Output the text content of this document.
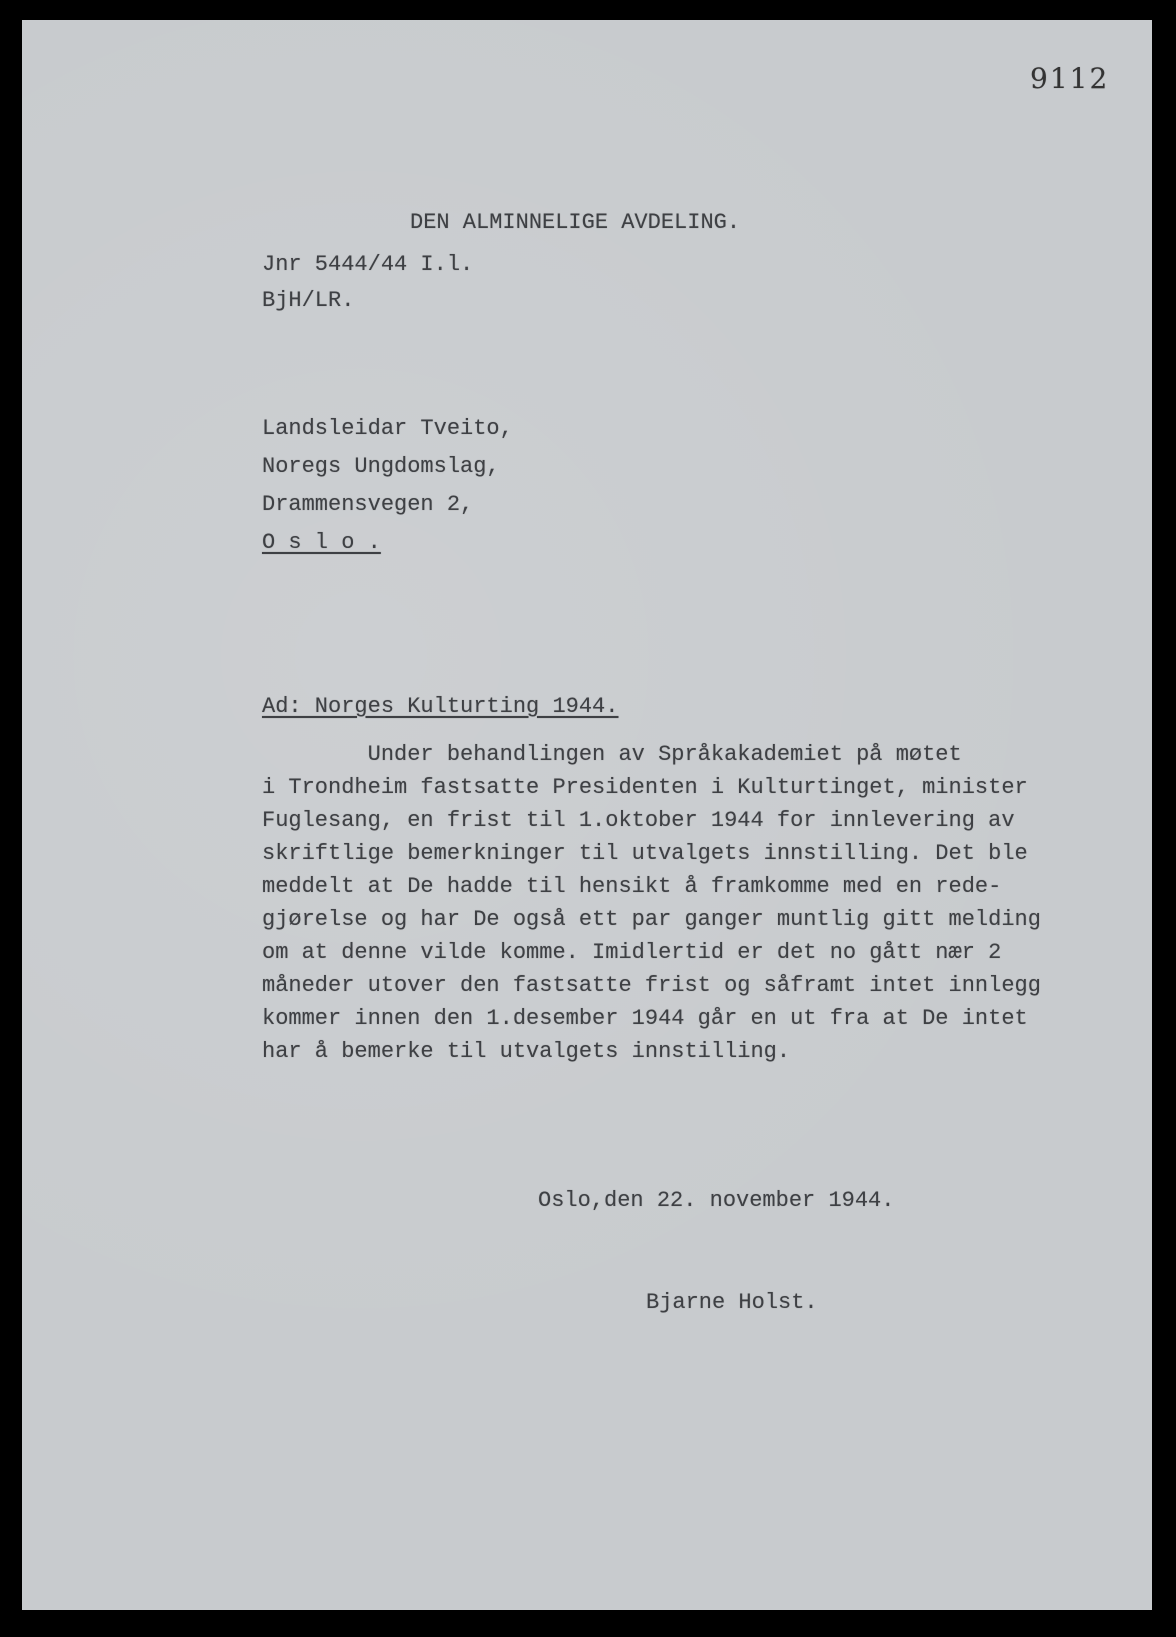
9112
DEN ALMINNELIGE AVDELING.
Jnr 5444/44 I.l.
BjH/LR.
Landsleidar Tveito,
Noregs Ungdomslag,
Drammensvegen 2,
O s l o .
Ad: Norges Kulturting 1944.
Under behandlingen av Språkakademiet på møtet
i Trondheim fastsatte Presidenten i Kulturtinget, minister
Fuglesang, en frist til 1.oktober 1944 for innlevering av
skriftlige bemerkninger til utvalgets innstilling. Det ble
meddelt at De hadde til hensikt å framkomme med en rede-
gjørelse og har De også ett par ganger muntlig gitt melding
om at denne vilde komme. Imidlertid er det no gått nær 2
måneder utover den fastsatte frist og såframt intet innlegg
kommer innen den 1.desember 1944 går en ut fra at De intet
har å bemerke til utvalgets innstilling.
Oslo,den 22. november 1944.
Bjarne Holst.
